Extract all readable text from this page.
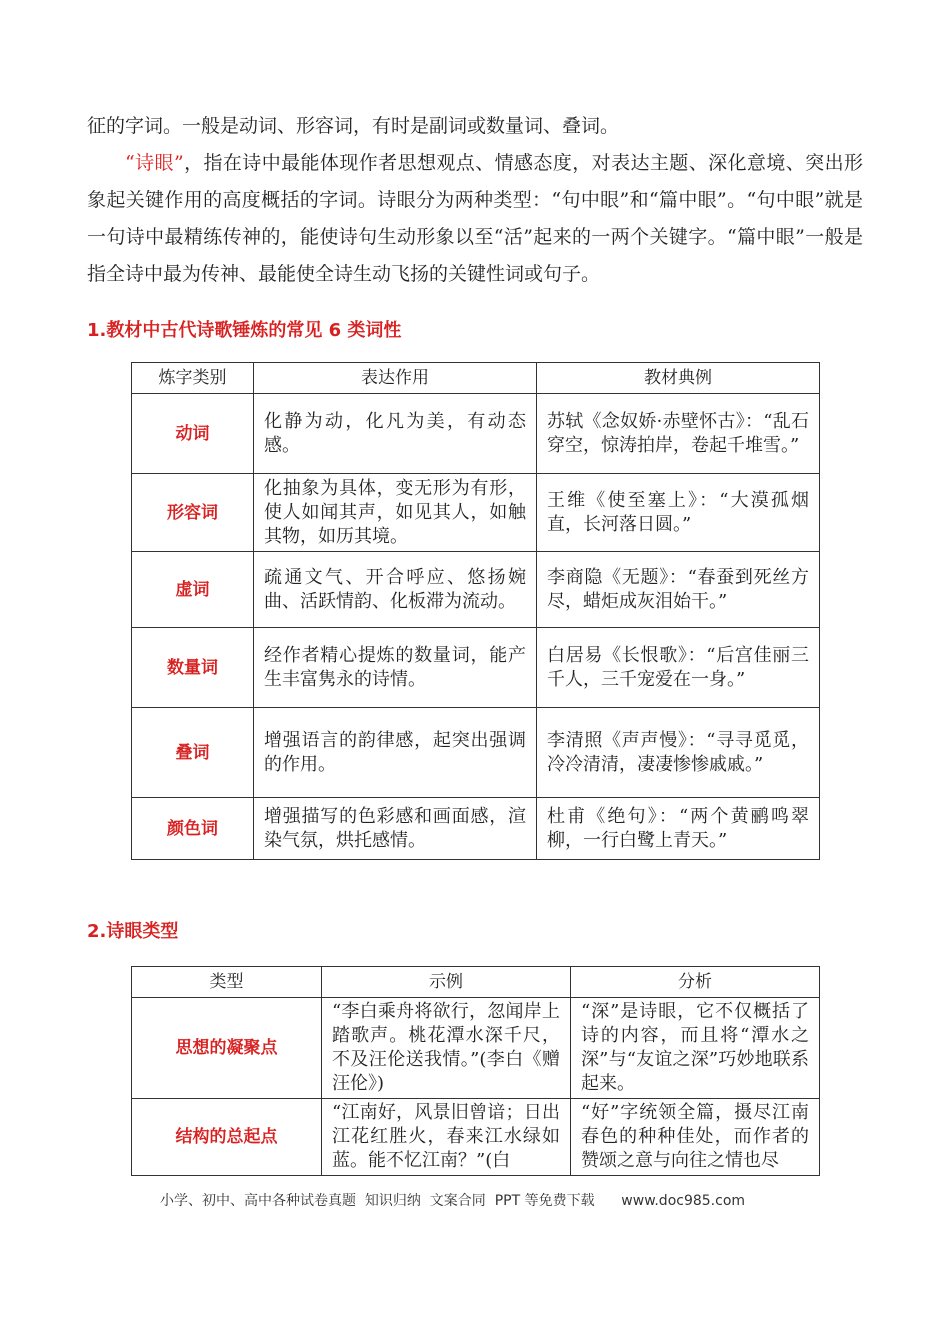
征的字词。一般是动词、形容词，有时是副词或数量词、叠词。

“诗眼”，指在诗中最能体现作者思想观点、情感态度，对表达主题、深化意境、突出形象起关键作用的高度概括的字词。诗眼分为两种类型：“句中眼”和“篇中眼”。“句中眼”就是一句诗中最精练传神的，能使诗句生动形象以至“活”起来的一两个关键字。“篇中眼”一般是指全诗中最为传神、最能使全诗生动飞扬的关键性词或句子。

1.教材中古代诗歌锤炼的常见 6 类词性
炼字类别	表达作用	教材典例
动词	化静为动，化凡为美，有动态感。	苏轼《念奴娇·赤壁怀古》：“乱石穿空，惊涛拍岸，卷起千堆雪。”
形容词	化抽象为具体，变无形为有形，使人如闻其声，如见其人，如触其物，如历其境。	王维《使至塞上》：“大漠孤烟直，长河落日圆。”
虚词	疏通文气、开合呼应、悠扬婉曲、活跃情韵、化板滞为流动。	李商隐《无题》：“春蚕到死丝方尽，蜡炬成灰泪始干。”
数量词	经作者精心提炼的数量词，能产生丰富隽永的诗情。	白居易《长恨歌》：“后宫佳丽三千人，三千宠爱在一身。”
叠词	增强语言的韵律感，起突出强调的作用。	李清照《声声慢》：“寻寻觅觅，冷冷清清，凄凄惨惨戚戚。”
颜色词	增强描写的色彩感和画面感，渲染气氛，烘托感情。	杜甫《绝句》：“两个黄鹂鸣翠柳，一行白鹭上青天。”
2.诗眼类型
类型	示例	分析
思想的凝聚点	“李白乘舟将欲行，忽闻岸上踏歌声。桃花潭水深千尺，不及汪伦送我情。”(李白《赠汪伦》)	“深”是诗眼，它不仅概括了诗的内容，而且将“潭水之深”与“友谊之深”巧妙地联系起来。
结构的总起点	“江南好，风景旧曾谙；日出江花红胜火，春来江水绿如蓝。能不忆江南？”(白	“好”字统领全篇，摄尽江南春色的种种佳处，而作者的赞颂之意与向往之情也尽
小学、初中、高中各种试卷真题  知识归纳  文案合同  PPT 等免费下载      www.doc985.com
